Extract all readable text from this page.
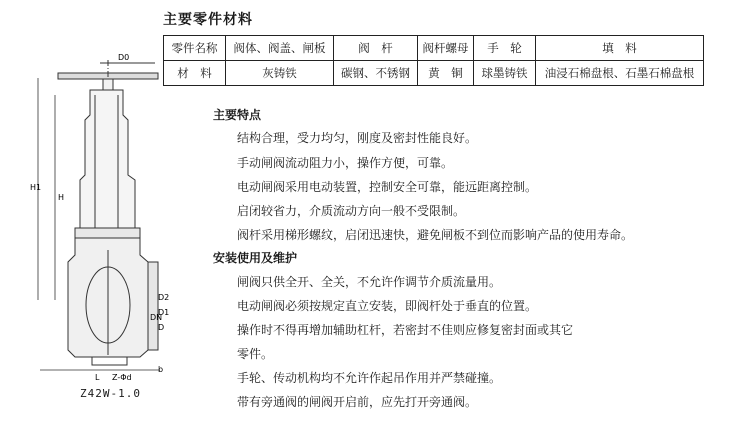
主要零件材料
零件名称	阀体、阀盖、闸板	阀　杆	阀杆螺母	手　轮	填　料
材　料	灰铸铁	碳钢、不锈钢	黄　铜	球墨铸铁	油浸石棉盘根、石墨石棉盘根
D0
H1
H
DN
D2
D1
D
L Z-Φd
b
Z42W-1.0
主要特点
结构合理，受力均匀，刚度及密封性能良好。
手动闸阀流动阻力小，操作方便，可靠。
电动闸阀采用电动装置，控制安全可靠，能远距离控制。
启闭较省力，介质流动方向一般不受限制。
阀杆采用梯形螺纹，启闭迅速快，避免闸板不到位而影响产品的使用寿命。
安装使用及维护
闸阀只供全开、全关，不允许作调节介质流量用。
电动闸阀必须按规定直立安装，即阀杆处于垂直的位置。
操作时不得再增加辅助杠杆，若密封不佳则应修复密封面或其它
零件。
手轮、传动机构均不允许作起吊作用并严禁碰撞。
带有旁通阀的闸阀开启前，应先打开旁通阀。
